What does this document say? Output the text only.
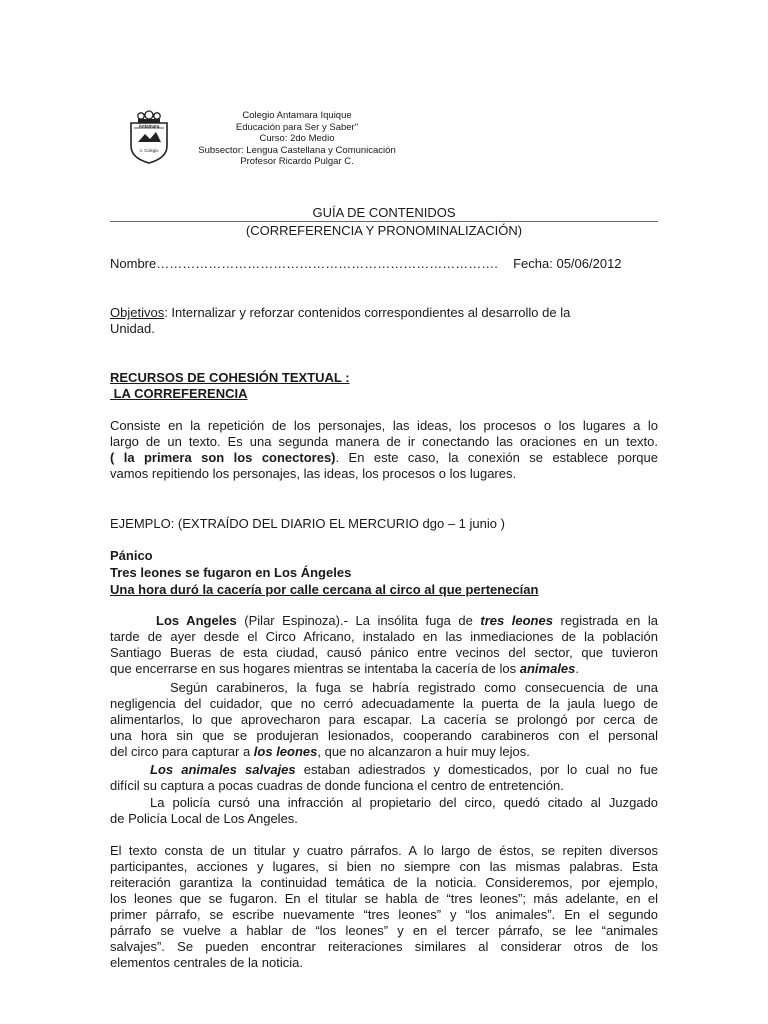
Antamara
n. Colegio
Colegio Antamara Iquique
Educación para Ser y Saber"
Curso: 2do Medio
Subsector: Lengua Castellana y Comunicación
Profesor Ricardo Pulgar C.
GUÍA DE CONTENIDOS
(CORREFERENCIA Y PRONOMINALIZACIÓN)
Nombre……………………………………………………………………. Fecha: 05/06/2012
Objetivos: Internalizar y reforzar contenidos correspondientes al desarrollo de la
Unidad.
RECURSOS DE COHESIÓN TEXTUAL :
LA CORREFERENCIA
Consiste en la repetición de los personajes, las ideas, los procesos o los lugares a lo
largo de un texto. Es una segunda manera de ir conectando las oraciones en un texto.
( la primera son los conectores). En este caso, la conexión se establece porque
vamos repitiendo los personajes, las ideas, los procesos o los lugares.
EJEMPLO: (EXTRAÍDO DEL DIARIO EL MERCURIO dgo – 1 junio )
Pánico
Tres leones se fugaron en Los Ángeles
Una hora duró la cacería por calle cercana al circo al que pertenecían
Los Angeles (Pilar Espinoza).- La insólita fuga de tres leones registrada en la
tarde de ayer desde el Circo Africano, instalado en las inmediaciones de la población
Santiago Bueras de esta ciudad, causó pánico entre vecinos del sector, que tuvieron
que encerrarse en sus hogares mientras se intentaba la cacería de los animales.
Según carabineros, la fuga se habría registrado como consecuencia de una
negligencia del cuidador, que no cerró adecuadamente la puerta de la jaula luego de
alimentarlos, lo que aprovecharon para escapar. La cacería se prolongó por cerca de
una hora sin que se produjeran lesionados, cooperando carabineros con el personal
del circo para capturar a los leones, que no alcanzaron a huir muy lejos.
Los animales salvajes estaban adiestrados y domesticados, por lo cual no fue
difícil su captura a pocas cuadras de donde funciona el centro de entretención.
La policía cursó una infracción al propietario del circo, quedó citado al Juzgado
de Policía Local de Los Angeles.
El texto consta de un titular y cuatro párrafos. A lo largo de éstos, se repiten diversos
participantes, acciones y lugares, si bien no siempre con las mismas palabras. Esta
reiteración garantiza la continuidad temática de la noticia. Consideremos, por ejemplo,
los leones que se fugaron. En el titular se habla de “tres leones”; más adelante, en el
primer párrafo, se escribe nuevamente “tres leones” y “los animales”. En el segundo
párrafo se vuelve a hablar de “los leones” y en el tercer párrafo, se lee “animales
salvajes”. Se pueden encontrar reiteraciones similares al considerar otros de los
elementos centrales de la noticia.
